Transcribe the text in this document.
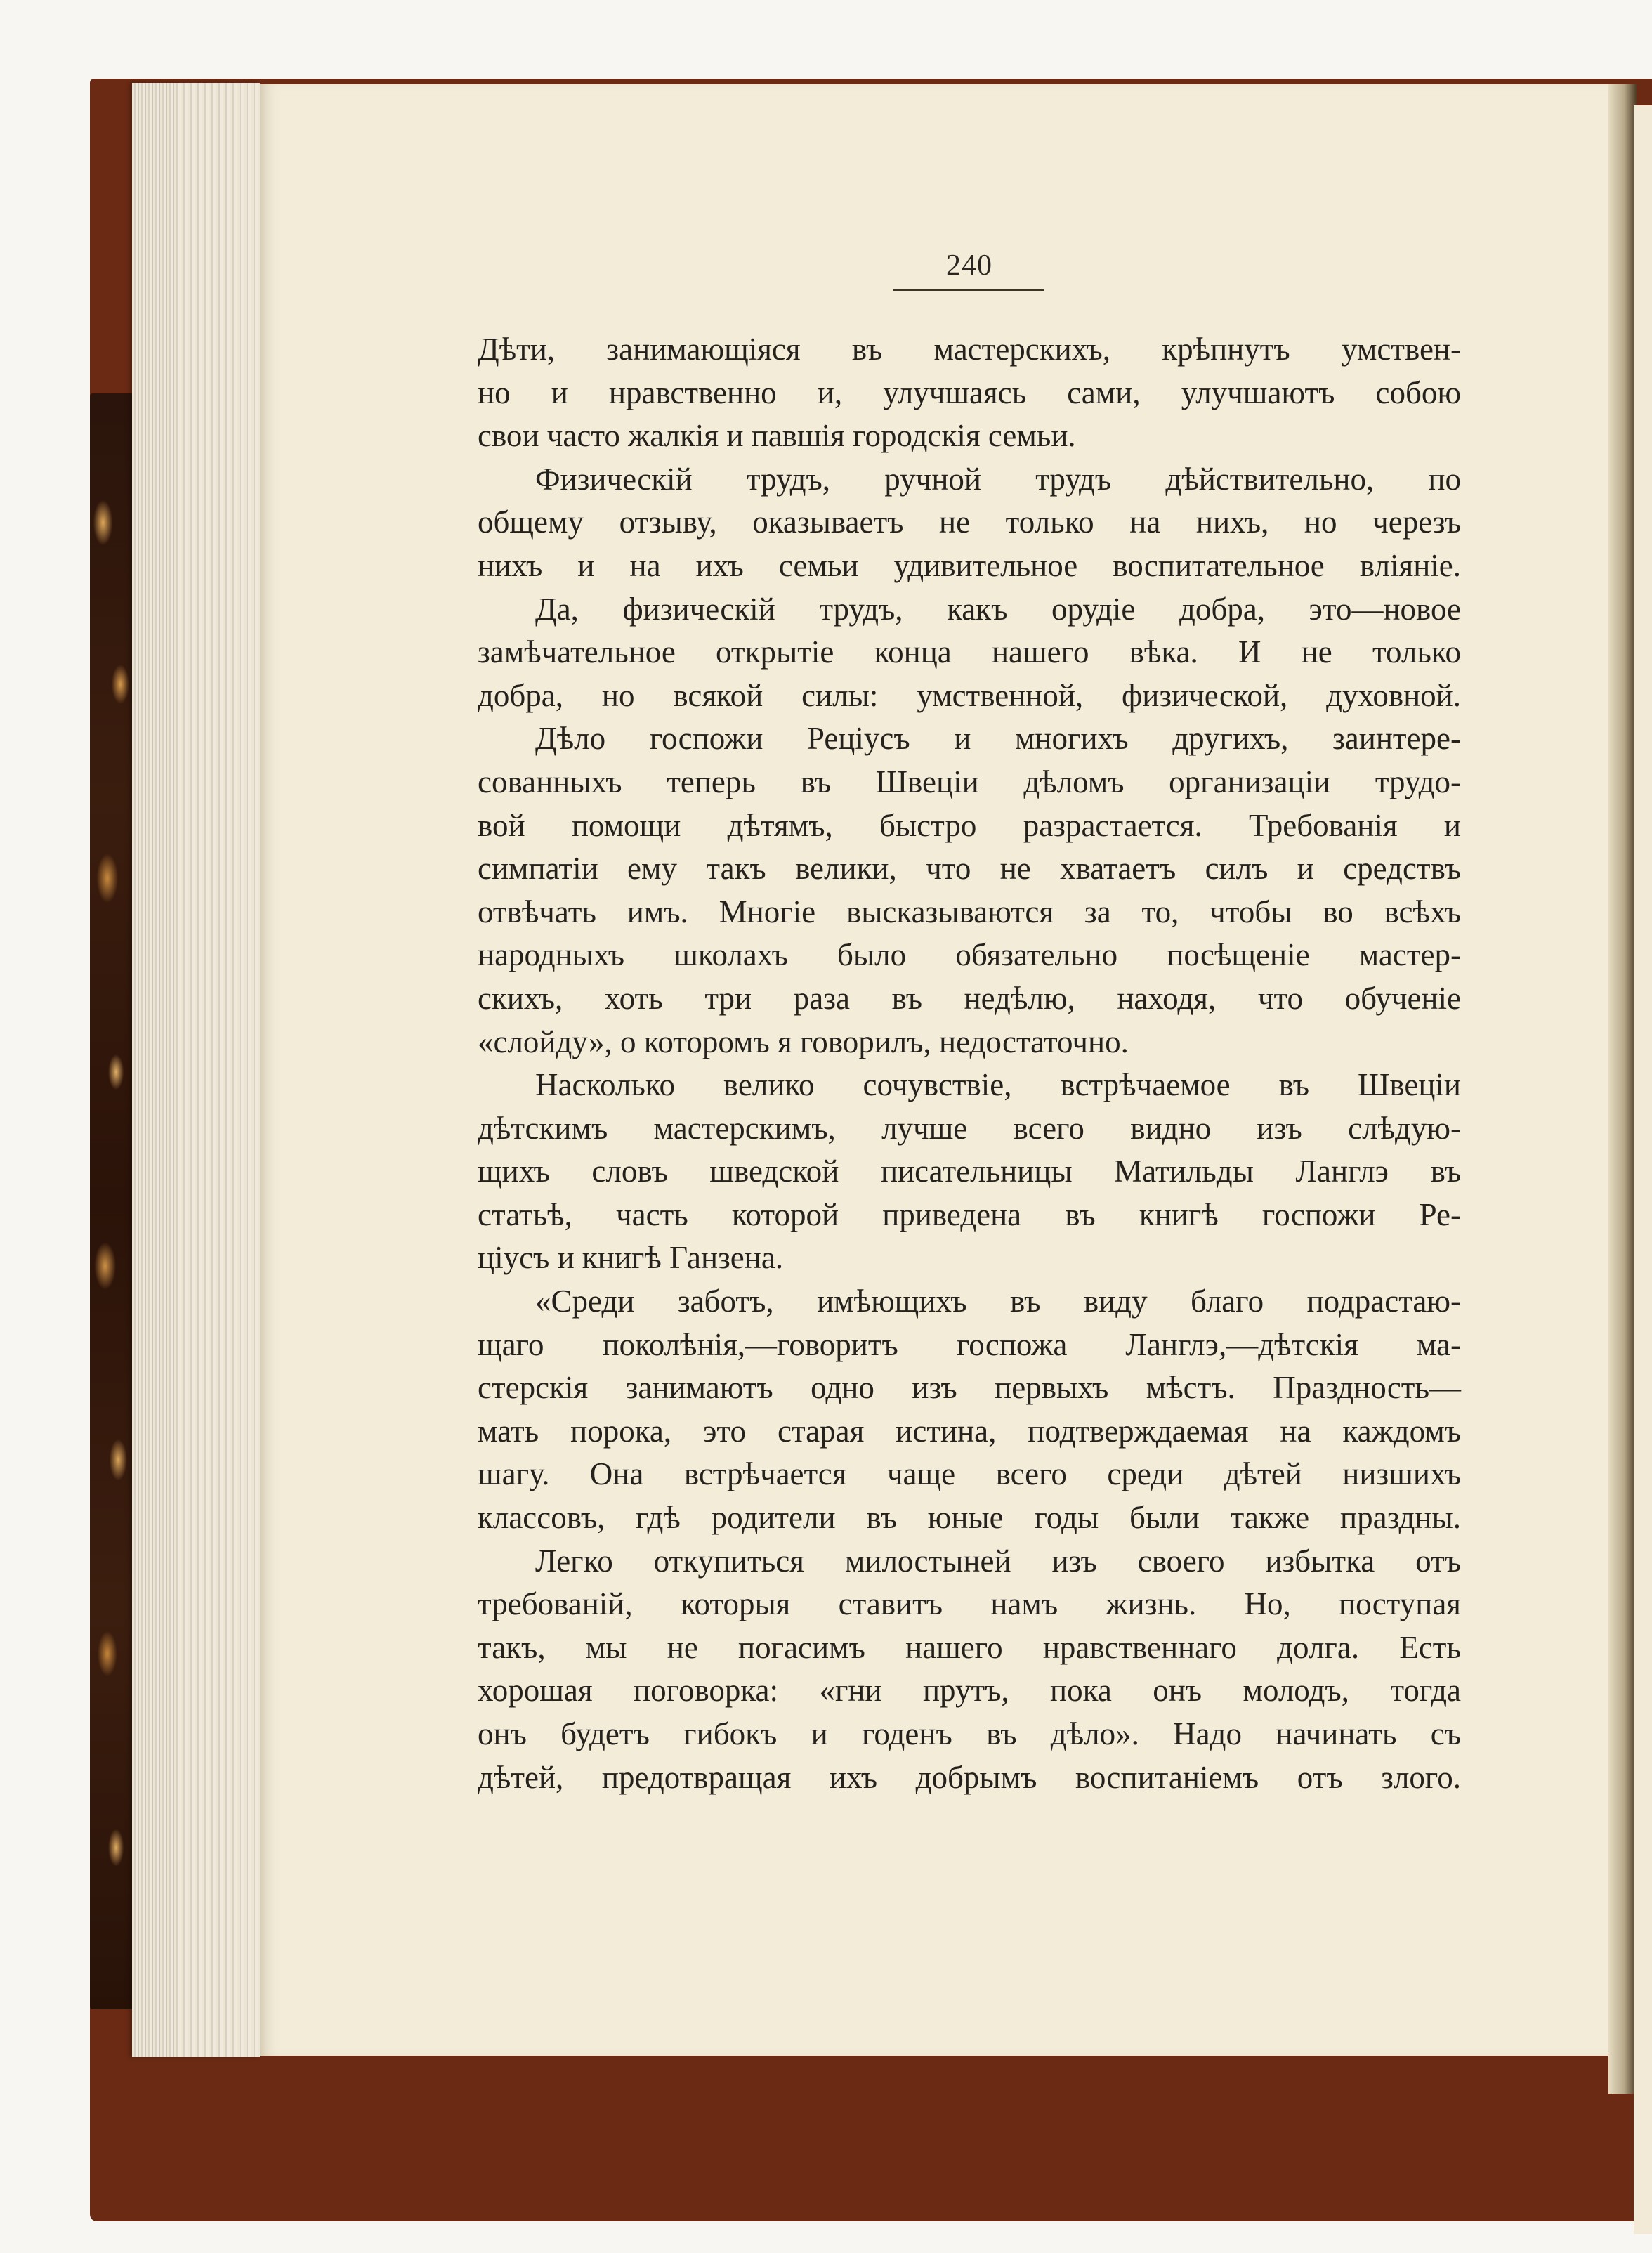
240
Дѣти, занимающіяся въ мастерскихъ, крѣпнутъ умствен-
но и нравственно и, улучшаясь сами, улучшаютъ собою
свои часто жалкія и павшія городскія семьи.
Физическій трудъ, ручной трудъ дѣйствительно, по
общему отзыву, оказываетъ не только на нихъ, но черезъ
нихъ и на ихъ семьи удивительное воспитательное вліяніе.
Да, физическій трудъ, какъ орудіе добра, это—новое
замѣчательное открытіе конца нашего вѣка. И не только
добра, но всякой силы: умственной, физической, духовной.
Дѣло госпожи Рецiусъ и многихъ другихъ, заинтере-
сованныхъ теперь въ Швеціи дѣломъ организаціи трудо-
вой помощи дѣтямъ, быстро разрастается. Требованія и
симпатіи ему такъ велики, что не хватаетъ силъ и средствъ
отвѣчать имъ. Многіе высказываются за то, чтобы во всѣхъ
народныхъ школахъ было обязательно посѣщеніе мастер-
скихъ, хоть три раза въ недѣлю, находя, что обученіе
«слойду», о которомъ я говорилъ, недостаточно.
Насколько велико сочувствіе, встрѣчаемое въ Швеціи
дѣтскимъ мастерскимъ, лучше всего видно изъ слѣдую-
щихъ словъ шведской писательницы Матильды Ланглэ въ
статьѣ, часть которой приведена въ книгѣ госпожи Ре-
ціусъ и книгѣ Ганзена.
«Среди заботъ, имѣющихъ въ виду благо подрастаю-
щаго поколѣнія,—говоритъ госпожа Ланглэ,—дѣтскія ма-
стерскія занимаютъ одно изъ первыхъ мѣстъ. Праздность—
мать порока, это старая истина, подтверждаемая на каждомъ
шагу. Она встрѣчается чаще всего среди дѣтей низшихъ
классовъ, гдѣ родители въ юные годы были также праздны.
Легко откупиться милостыней изъ своего избытка отъ
требованій, которыя ставитъ намъ жизнь. Но, поступая
такъ, мы не погасимъ нашего нравственнаго долга. Есть
хорошая поговорка: «гни прутъ, пока онъ молодъ, тогда
онъ будетъ гибокъ и годенъ въ дѣло». Надо начинать съ
дѣтей, предотвращая ихъ добрымъ воспитаніемъ отъ злого.
